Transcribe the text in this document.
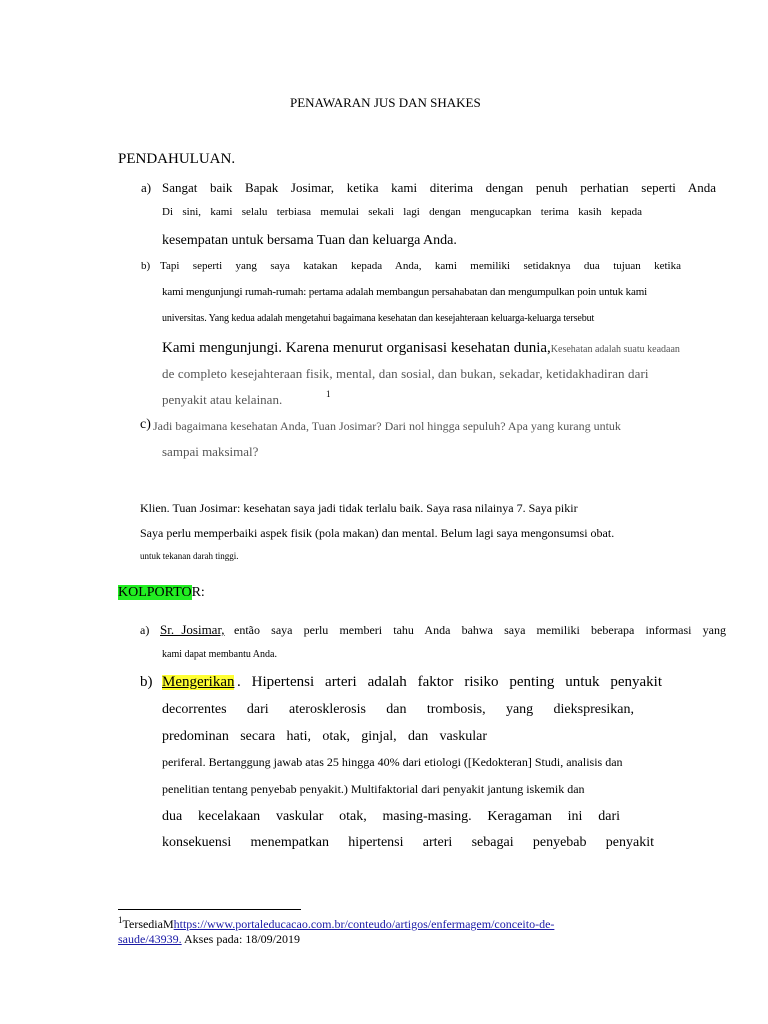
PENAWARAN JUS DAN SHAKES
PENDAHULUAN.
a) Sangat baik Bapak Josimar, ketika kami diterima dengan penuh perhatian seperti Anda
Di sini, kami selalu terbiasa memulai sekali lagi dengan mengucapkan terima kasih kepada
kesempatan untuk bersama Tuan dan keluarga Anda.
b) Tapi seperti yang saya katakan kepada Anda, kami memiliki setidaknya dua tujuan ketika
kami mengunjungi rumah-rumah: pertama adalah membangun persahabatan dan mengumpulkan poin untuk kami
universitas. Yang kedua adalah mengetahui bagaimana kesehatan dan kesejahteraan keluarga-keluarga tersebut
Kami mengunjungi. Karena menurut organisasi kesehatan dunia,Kesehatan adalah suatu keadaan
de completo kesejahteraan fisik, mental, dan sosial, dan bukan, sekadar, ketidakhadiran dari
penyakit atau kelainan.	1
c) Jadi bagaimana kesehatan Anda, Tuan Josimar? Dari nol hingga sepuluh? Apa yang kurang untuk
sampai maksimal?
Klien. Tuan Josimar: kesehatan saya jadi tidak terlalu baik. Saya rasa nilainya 7. Saya pikir
Saya perlu memperbaiki aspek fisik (pola makan) dan mental. Belum lagi saya mengonsumsi obat.
untuk tekanan darah tinggi.
KOLPORTOR:
a) Sr. Josimar, então saya perlu memberi tahu Anda bahwa saya memiliki beberapa informasi yang
kami dapat membantu Anda.
b) Mengerikan . Hipertensi arteri adalah faktor risiko penting untuk penyakit
decorrentes dari aterosklerosis dan trombosis, yang diekspresikan,
predominan secara hati, otak, ginjal, dan vaskular
periferal. Bertanggung jawab atas 25 hingga 40% dari etiologi ([Kedokteran] Studi, analisis dan
penelitian tentang penyebab penyakit.) Multifaktorial dari penyakit jantung iskemik dan
dua kecelakaan vaskular otak, masing-masing. Keragaman ini dari
konsekuensi menempatkan hipertensi arteri sebagai penyebab penyakit
$^1$TersediaMhttps://www.portaleducacao.com.br/conteudo/artigos/enfermagem/conceito-de-
saude/43939. Akses pada: 18/09/2019
